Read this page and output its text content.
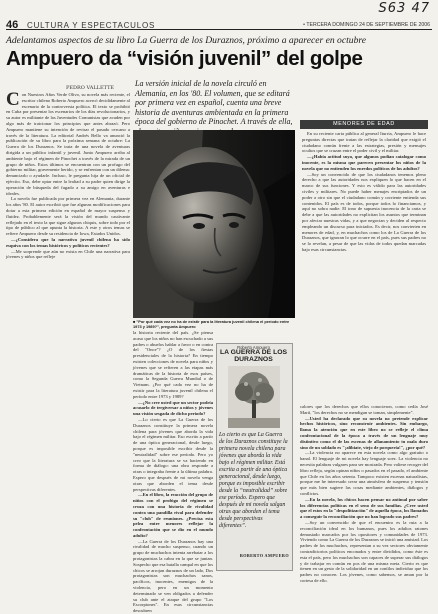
S63 47
46 CULTURA Y ESPECTACULOS	• TERCERA DOMINGO 24 DE SEPTIEMBRE DE 2006
Adelantamos aspectos de su libro La Guerra de los Duraznos, próximo a aparecer en octubre
Ampuero da “visión juvenil” del golpe
PEDRO VALLETTE	La versión inicial de la novela circuló en Alemania, en los '80. El volumen, que se editará por primera vez en español, cuenta una breve historia de aventuras ambientada en la primera época del gobierno de Pinochet. A través de ella,

Con Nuestros Años Verde Olivo, su novela más reciente, el escritor chileno Roberto Ampuero acercó decididamente al escenario de la controversia política. El texto se prohibió en Cuba por presentar los escenarios de los días revolucionarios, y su autor es militante de las Juventudes Comunistas que acuden por algo más de traicionar los principios que antes abrazó. Pero Ampuero mantiene su intención de revisar el pasado cercano a través de la literatura. La editorial Andrés Bello va anunció la publicación de su libro para la próxima semana de octubre: La Guerra de los Duraznos. Se trata de una novela de aventuras dirigida a un público infantil y juvenil. Junto Ampuero arriba al ambiente bajo el régimen de Pinochet a través de la mirada de un grupo de niños. Estos últimos se encuentran con un profugo del gobierno militar, gravemente herido, y se enfrentan con un dilema: denunciarlo o ayudarle. Incluso, le pregunta hija de un oficial de ejército. Eso, debe optar entre la lealtad a su padre quien dirige la operación de búsqueda del fugado a su amigo en aventuras e ideales.

La novela fue publicada por primera vez en Alemania, durante los años '80. El autor escribió que fue algunas modificaciones para dotar a esta primera edición en español de mayor suspenso y fluidez. Probablemente será la visión del mundo cautivante reflejado en el texto la que sigue algunos chiquis, sobre todo por el tipo de público al que apunta la historia. A este y otros temas se refiere Ampuero desde su residencia de Iowa, Estados Unidos.

—¿Considera que la narrativa juvenil chilena ha sido esquiva con los temas históricos y políticos recientes?

—Me sorprende que aún no exista en Chile una narrativa para jóvenes y niños que refleje

■ "Por qué cada vez no ha de existir para la literatura juvenil chilena el período entre 1973 y 1989?", pregunta Ampuero
MENORES DE EDAD

En su reciente carta pública al general Iturria, Ampuero le hace preguntas directas que tratan de reflejar la claridad que exigió el ciudadano común frente a las estrategias, presión y mensajes ocultos que se cruzan entre el poder civil y el militar.

—¿Había actitud suya, que algunos podían catalogar como inocente, es la misma que parecen presentar los niños de la novela que no entienden los enredos políticos de los adultos?

—Soy un convencido de que los ciudadanos tenemos pleno derecho a que las autoridades nos expliquen lo que hacen en el marco de sus funciones. Y esto es válido para las autoridades civiles y militares. No puede haber menajes encriptados de un poder a otro sin que el ciudadano común y corriente entienda sus contenidos. El país es de todos, porque todos lo financiamos, y aquí no sobra nadie. El tono de supuesta inocencia de la carta se debe a que las autoridades no explicitan los asuntos que terminan por afectar nuestras vidas, y a que negocian y deciden al respecto empleando un discurso para iniciados. Es decir, nos convierten en menores de edad, y, en muchachos como los de La Guerra de los Duraznos, que ignoran lo que ocurre en el país, pues sus padres no se lo revelan, a pesar de que las vidas de todos quedan marcadas bajo esas circunstancias.

la historia reciente del país. ¿Se piensa acaso que los niños no han escuchado a sus padres o abuelos hablar a favor o en contra del "Once"? ¿O de los fiestas presidenciales de la historia? En tiempo existen colecciones de novela para niños y jóvenes que se refieren a las etapas más dramáticas de la historia de esos países, como la Segunda Guerra Mundial o de Vietnam. ¿Por qué cada vez no ha de existir para la literatura juvenil chilena el período entre 1973 y 1989?

—¿No cree usted que un sector podría acusarlo de tergiversar a niños y jóvenes una visión sesgada de dicho período?

—Lo cierto es que La Guerra de los Duraznos constituye la primera novela chilena para jóvenes que aborda la vida bajo el régimen militar. Eso escrito a partir de una óptica generacional, desde luego, porque es imposible escribir desde la "neutralidad" sobre ese período. Pero yo creo que la literatura se va haciendo en forma de diálogo: una obra responde a otras o integraba frente a la última palabra. Espero que después de mi novela venga otras que aborden el tema desde perspectivas diferentes.

—En el libro, la reacción del grupo de niños con el profúgo del régimen se cruza con una historia de rivalidad contra una pandilla rival para defender su "club" de reuniones. ¿Precisa esta pelea entre menores reflejar la confrontación que se dio en el mundo adulto?

—La Guerra de los Duraznos hay una rivalidad de mucho suspenso, cuando un grupo de muchachos intenta arrebatar a los protagonistas la cabra en la que se juntan. Sospecho que esa batalla campal en que los chicos se arrojan duraznos de un lado, Dos protagonistas son muchachos sanos, pacíficos, inocentes, enemigos de la violencia, pero en un momento determinado se ven obligados a defender su club ante el ataque del grupo "Los Escorpiones". En esas circunstancias descubren

Roberto Ampuero
LA GUERRA DE LOS DURAZNOS
Lo cierto es que La Guerra de los Duraznos constituye la primera novela chilena para jóvenes que aborda la vida bajo el régimen militar. Está escrita a partir de una óptica generacional, desde luego, porque es imposible escribir desde la “neutralidad” sobre ese período. Espero que después de mi novela salgan otras que aborden el tema desde perspectivas diferentes”.
ROBERTO AMPUERO

calores que los derechos que ellos conocieron, como cedía José Martí, "los derechos no se mendigan se toman, simplemente".

—Usted ha declarado que su novela no pretende explicar hechos históricos, sino reconstruir ambientes. Sin embargo, llama la atención que en este libro no se refleje el clima confrontacional de la época a través de un lenguaje muy distintivo como el de las escenas de allanamiento tu mala duro sino de un soldado es "¡alíbiate, viejo de porquería!", ¿por qué?

—La violencia no aparece en esta novela como algo gratuito o banal. El lenguaje de mi novela hay lenguaje soez. La violencia no necesita palabras vulgares para ser mostrada. Pero valiese recoger del libro refleja, según opinan niños o pasados en el pasado, el ambiente que Chile en los años setenta. Tampoco existen escenas naturalistas, porque me he interesado crear una atmósfera de suspenso y tensión que más bien sugiere las cosas mediante ambientes, diálogos y conflictos.

—En la novela, los chícos hacen pensar no antimal por saber los diferencias políticas en el seno de sus familias. ¿Cree usted que el estos en la "despolitización" de aquella época, los llamados a conseguir la reconciliación que no han logrado sus padres?

—Soy un convencido de que el encuentro es la ruta a la reconciliación ideal en los humanos, pues los adultos ratones demasiado marcados por los opositores y comunidades de 1973. Viviendo como La Guerra de los Duraznos se inició una amistad. Los padres de los muchachos, representan a su vez sectores obviamente contradictorios políticos enconados y entre divididos, como éste es esta el país, pero los muchachos son capaces de superar sus diálogos y de trabajar en común en pos de una misma meta. Cierto es que tienen en un gesto de la solidaridad en un coníilos individuo que los padres no conocen. Los jóvenes, como sabemos, se aman por la cortesa de ello.
